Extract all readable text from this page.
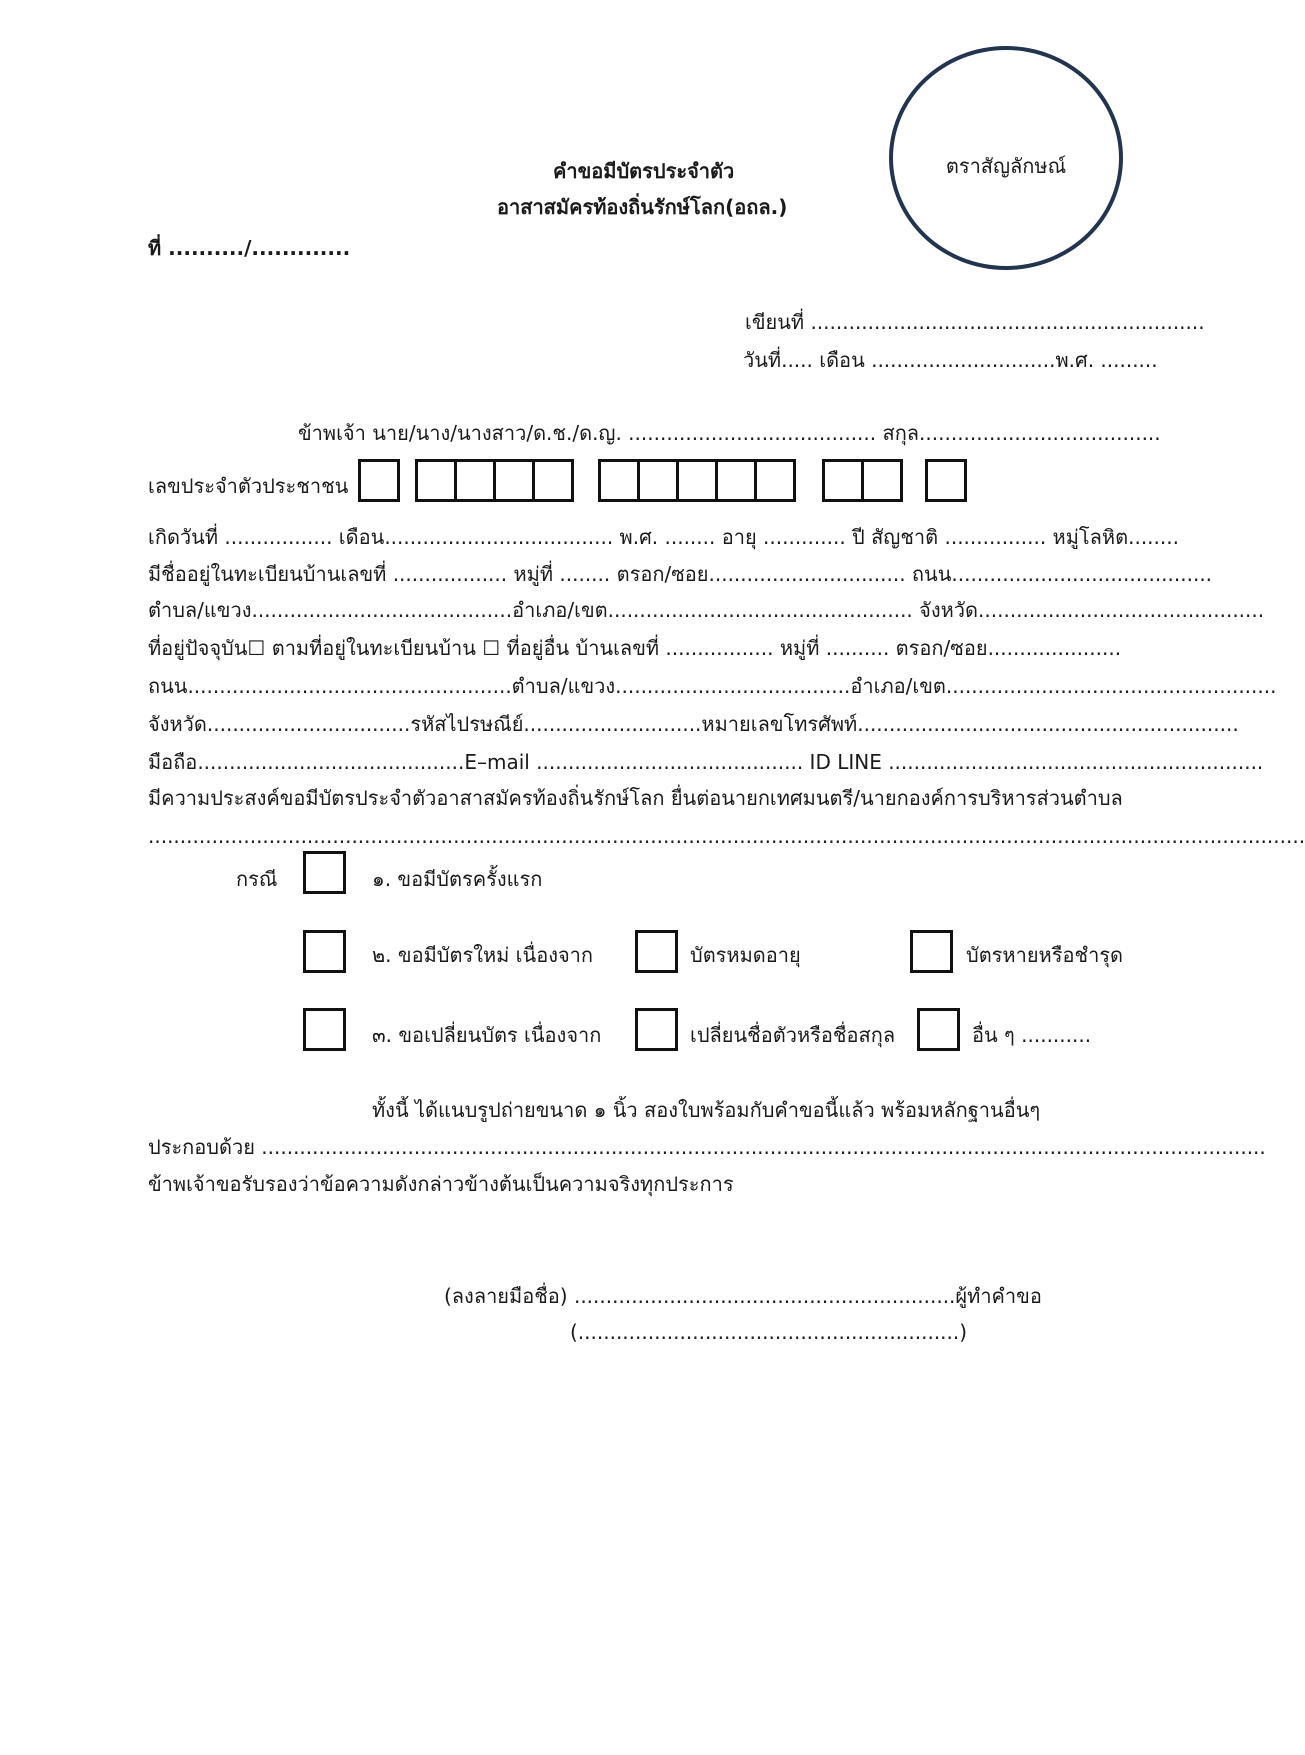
ตราสัญลักษณ์
คำขอมีบัตรประจำตัว
อาสาสมัครท้องถิ่นรักษ์โลก(อถล.)
ที่ ........../.............
เขียนที่ ..............................................................
วันที่..... เดือน .............................พ.ศ. .........
ข้าพเจ้า นาย/นาง/นางสาว/ด.ช./ด.ญ. ....................................... สกุล......................................
เลขประจำตัวประชาชน
เกิดวันที่ ................. เดือน.................................... พ.ศ. ........ อายุ ............. ปี สัญชาติ ................ หมู่โลหิต........
มีชื่ออยู่ในทะเบียนบ้านเลขที่ .................. หมู่ที่ ........ ตรอก/ซอย............................... ถนน.........................................
ตำบล/แขวง.........................................อำเภอ/เขต................................................ จังหวัด.............................................
ที่อยู่ปัจจุบัน☐ ตามที่อยู่ในทะเบียนบ้าน ☐ ที่อยู่อื่น บ้านเลขที่ ................. หมู่ที่ .......... ตรอก/ซอย.....................
ถนน...................................................ตำบล/แขวง.....................................อำเภอ/เขต....................................................
จังหวัด................................รหัสไปรษณีย์............................หมายเลขโทรศัพท์............................................................
มือถือ..........................................E–mail .......................................... ID LINE ...........................................................
มีความประสงค์ขอมีบัตรประจำตัวอาสาสมัครท้องถิ่นรักษ์โลก ยื่นต่อนายกเทศมนตรี/นายกองค์การบริหารส่วนตำบล
......................................................................................................................................................................................
กรณี	๑. ขอมีบัตรครั้งแรก
๒. ขอมีบัตรใหม่ เนื่องจาก	บัตรหมดอายุ	บัตรหายหรือชำรุด
๓. ขอเปลี่ยนบัตร เนื่องจาก	เปลี่ยนชื่อตัวหรือชื่อสกุล	อื่น ๆ ...........
ทั้งนี้ ได้แนบรูปถ่ายขนาด ๑ นิ้ว สองใบพร้อมกับคำขอนี้แล้ว พร้อมหลักฐานอื่นๆ
ประกอบด้วย ..............................................................................................................................................................
ข้าพเจ้าขอรับรองว่าข้อความดังกล่าวข้างต้นเป็นความจริงทุกประการ
(ลงลายมือชื่อ) ............................................................ผู้ทำคำขอ
(............................................................)
